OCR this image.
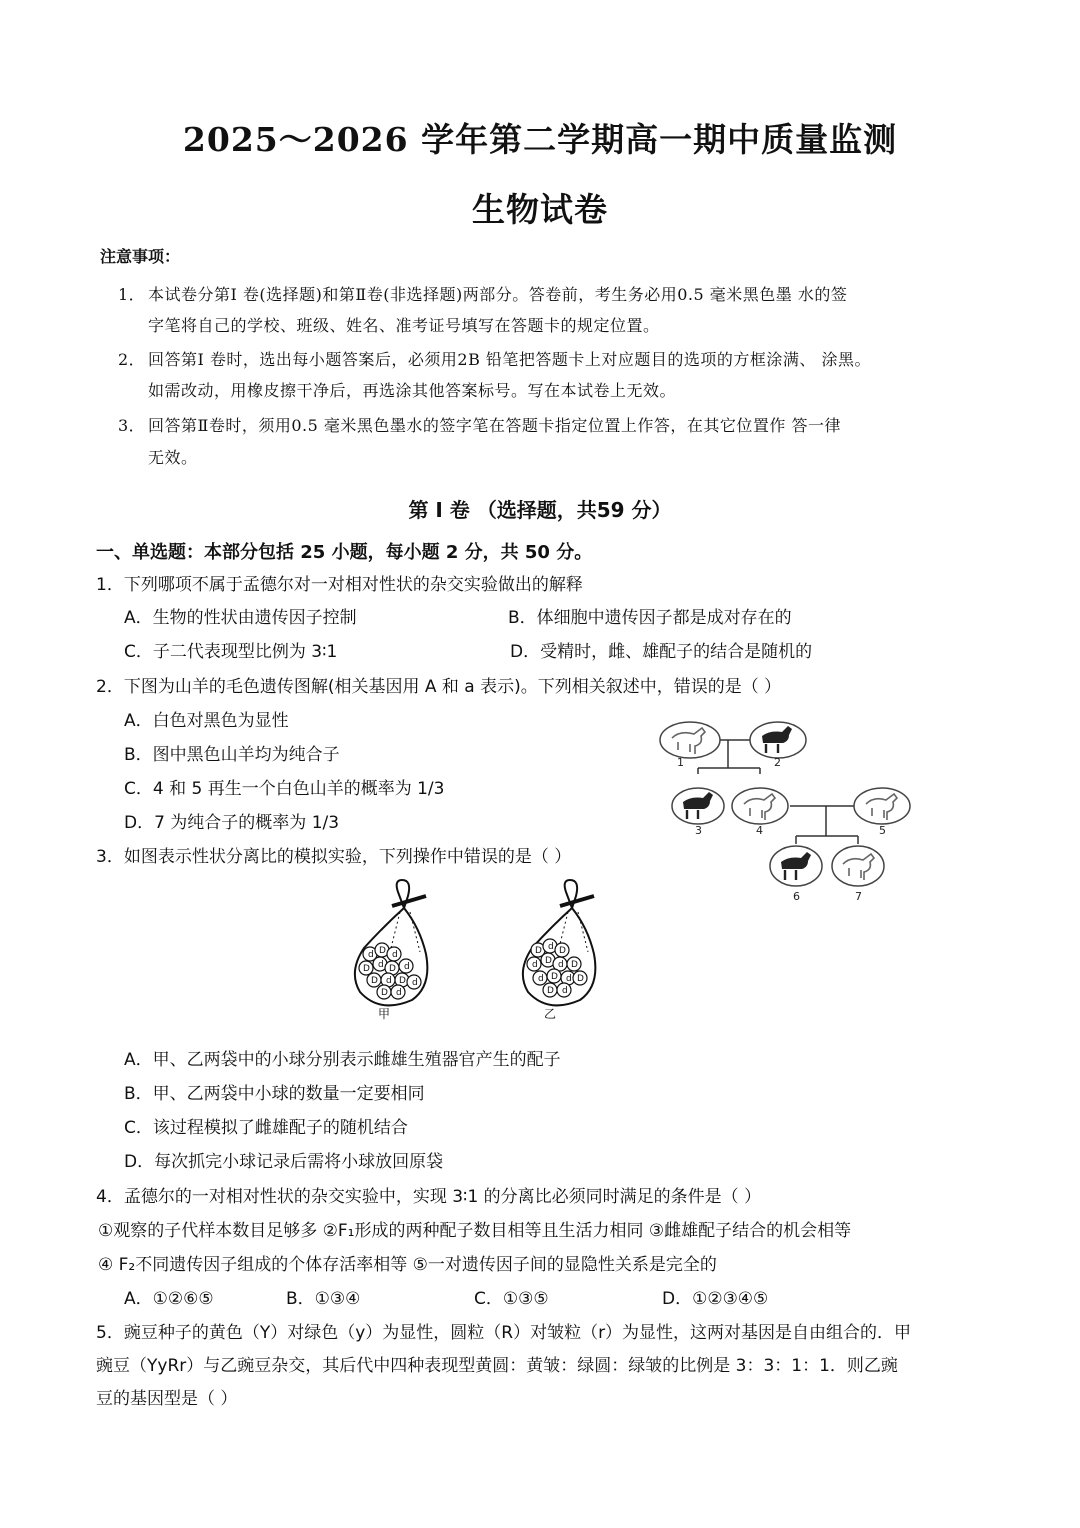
2025～2026 学年第二学期高一期中质量监测
生物试卷
注意事项：
1． 本试卷分第Ⅰ 卷(选择题)和第Ⅱ卷(非选择题)两部分。答卷前，考生务必用0.5 毫米黑色墨 水的签
字笔将自己的学校、班级、姓名、准考证号填写在答题卡的规定位置。
2． 回答第Ⅰ 卷时，选出每小题答案后，必须用2B 铅笔把答题卡上对应题目的选项的方框涂满、 涂黑。
如需改动，用橡皮擦干净后，再选涂其他答案标号。写在本试卷上无效。
3． 回答第Ⅱ卷时，须用0.5 毫米黑色墨水的签字笔在答题卡指定位置上作答，在其它位置作 答一律
无效。
第 I 卷 （选择题，共59 分）
一、单选题：本部分包括 25 小题，每小题 2 分，共 50 分。
1．下列哪项不属于孟德尔对一对相对性状的杂交实验做出的解释
A．生物的性状由遗传因子控制	B．体细胞中遗传因子都是成对存在的
C．子二代表现型比例为 3∶1	D．受精时，雌、雄配子的结合是随机的
2．下图为山羊的毛色遗传图解(相关基因用 A 和 a 表示)。下列相关叙述中，错误的是（ ）
A．白色对黑色为显性
B．图中黑色山羊均为纯合子
C．4 和 5 再生一个白色山羊的概率为 1/3
D．7 为纯合子的概率为 1/3
1	2
3	4	5
6	7
3．如图表示性状分离比的模拟实验，下列操作中错误的是（ ）
d D d
D d D d
D d D d
D d
甲
D d D
d D d D
d D d D
D d
乙
A．甲、乙两袋中的小球分别表示雌雄生殖器官产生的配子
B．甲、乙两袋中小球的数量一定要相同
C．该过程模拟了雌雄配子的随机结合
D．每次抓完小球记录后需将小球放回原袋
4．孟德尔的一对相对性状的杂交实验中，实现 3∶1 的分离比必须同时满足的条件是（ ）
①观察的子代样本数目足够多 ②F₁形成的两种配子数目相等且生活力相同 ③雌雄配子结合的机会相等
④ F₂不同遗传因子组成的个体存活率相等 ⑤一对遗传因子间的显隐性关系是完全的
A．①②⑥⑤	B．①③④	C．①③⑤	D．①②③④⑤
5．豌豆种子的黄色（Y）对绿色（y）为显性，圆粒（R）对皱粒（r）为显性，这两对基因是自由组合的．甲
豌豆（YyRr）与乙豌豆杂交，其后代中四种表现型黄圆：黄皱：绿圆：绿皱的比例是 3：3：1：1．则乙豌
豆的基因型是（ ）
